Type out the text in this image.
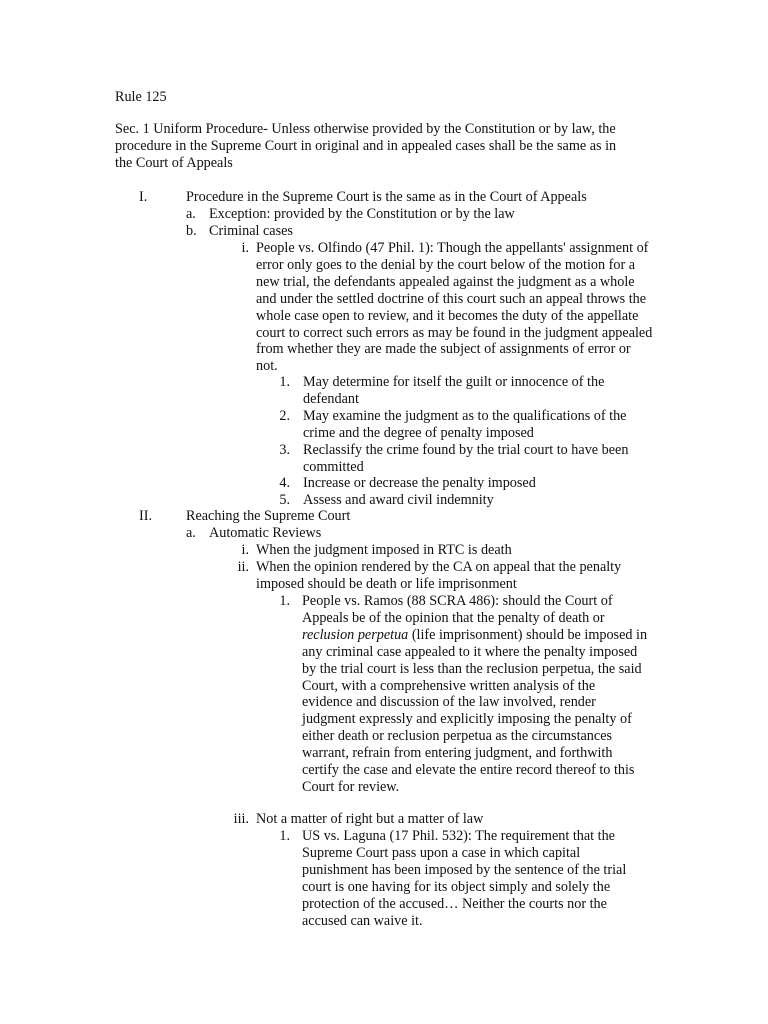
Rule 125
Sec. 1 Uniform Procedure- Unless otherwise provided by the Constitution or by law, the procedure in the Supreme Court in original and in appealed cases shall be the same as in the Court of Appeals
I.	Procedure in the Supreme Court is the same as in the Court of Appeals
a. Exception: provided by the Constitution or by the law
b. Criminal cases
i. People vs. Olfindo (47 Phil. 1): Though the appellants' assignment of error only goes to the denial by the court below of the motion for a new trial, the defendants appealed against the judgment as a whole and under the settled doctrine of this court such an appeal throws the whole case open to review, and it becomes the duty of the appellate court to correct such errors as may be found in the judgment appealed from whether they are made the subject of assignments of error or not.
1. May determine for itself the guilt or innocence of the defendant
2. May examine the judgment as to the qualifications of the crime and the degree of penalty imposed
3. Reclassify the crime found by the trial court to have been committed
4. Increase or decrease the penalty imposed
5. Assess and award civil indemnity
II. Reaching the Supreme Court
a. Automatic Reviews
i. When the judgment imposed in RTC is death
ii. When the opinion rendered by the CA on appeal that the penalty imposed should be death or life imprisonment
1. People vs. Ramos (88 SCRA 486): should the Court of Appeals be of the opinion that the penalty of death or reclusion perpetua (life imprisonment) should be imposed in any criminal case appealed to it where the penalty imposed by the trial court is less than the reclusion perpetua, the said Court, with a comprehensive written analysis of the evidence and discussion of the law involved, render judgment expressly and explicitly imposing the penalty of either death or reclusion perpetua as the circumstances warrant, refrain from entering judgment, and forthwith certify the case and elevate the entire record thereof to this Court for review.
iii. Not a matter of right but a matter of law
1. US vs. Laguna (17 Phil. 532): The requirement that the Supreme Court pass upon a case in which capital punishment has been imposed by the sentence of the trial court is one having for its object simply and solely the protection of the accused… Neither the courts nor the accused can waive it.
